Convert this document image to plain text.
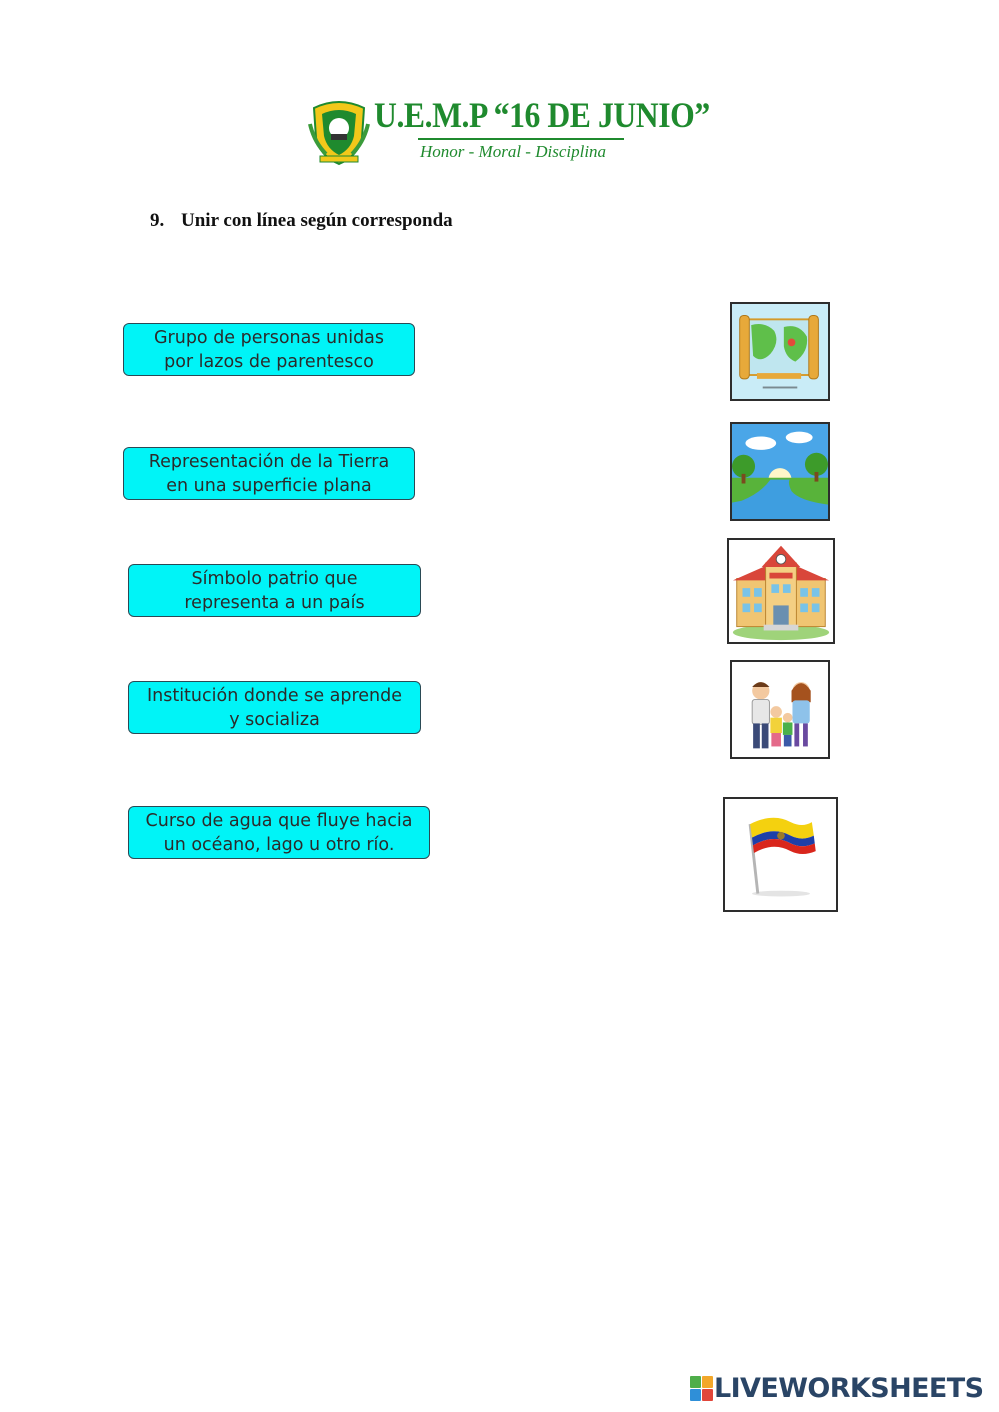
U.E.M.P “16 DE JUNIO”
Honor - Moral - Disciplina
9. Unir con línea según corresponda
Grupo de personas unidas
por lazos de parentesco
Representación de la Tierra
en una superficie plana
Símbolo patrio que
representa a un país
Institución donde se aprende
y socializa
Curso de agua que fluye hacia
un océano, lago u otro río.
LIVEWORKSHEETS
